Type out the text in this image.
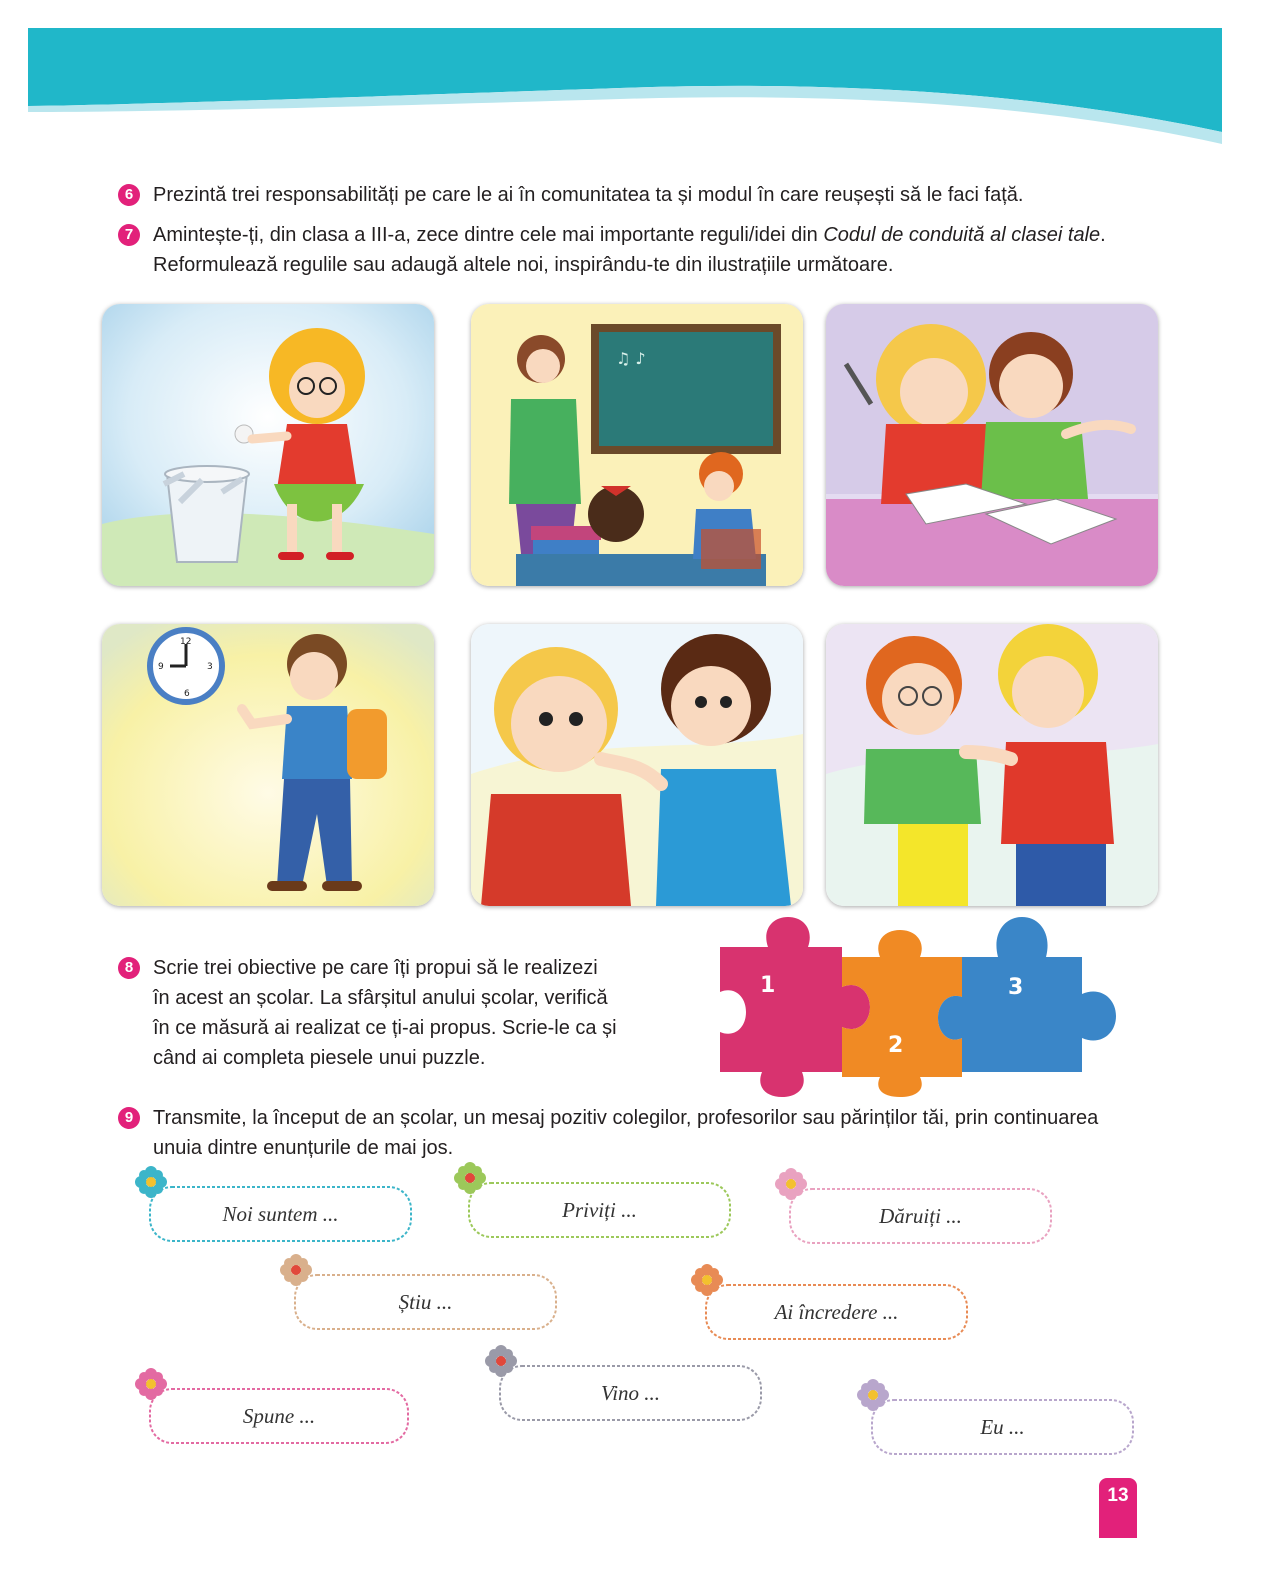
6 Prezintă trei responsabilități pe care le ai în comunitatea ta și modul în care reușești să le faci față.
7 Amintește-ți, din clasa a III-a, zece dintre cele mai importante reguli/idei din Codul de conduită al clasei tale. Reformulează regulile sau adaugă altele noi, inspirându-te din ilustrațiile următoare.
♫ ♪
12
3
6
9
8 Scrie trei obiective pe care îți propui să le realizezi
în acest an școlar. La sfârșitul anului școlar, verifică
în ce măsură ai realizat ce ți-ai propus. Scrie-le ca și
când ai completa piesele unui puzzle.
1
2
3
9 Transmite, la început de an școlar, un mesaj pozitiv colegilor, profesorilor sau părinților tăi, prin continuarea unuia dintre enunțurile de mai jos.
Noi suntem ...	Priviți ...	Dăruiți ...
Știu ...	Ai încredere ...
Spune ...
Vino ...
Eu ...
13
